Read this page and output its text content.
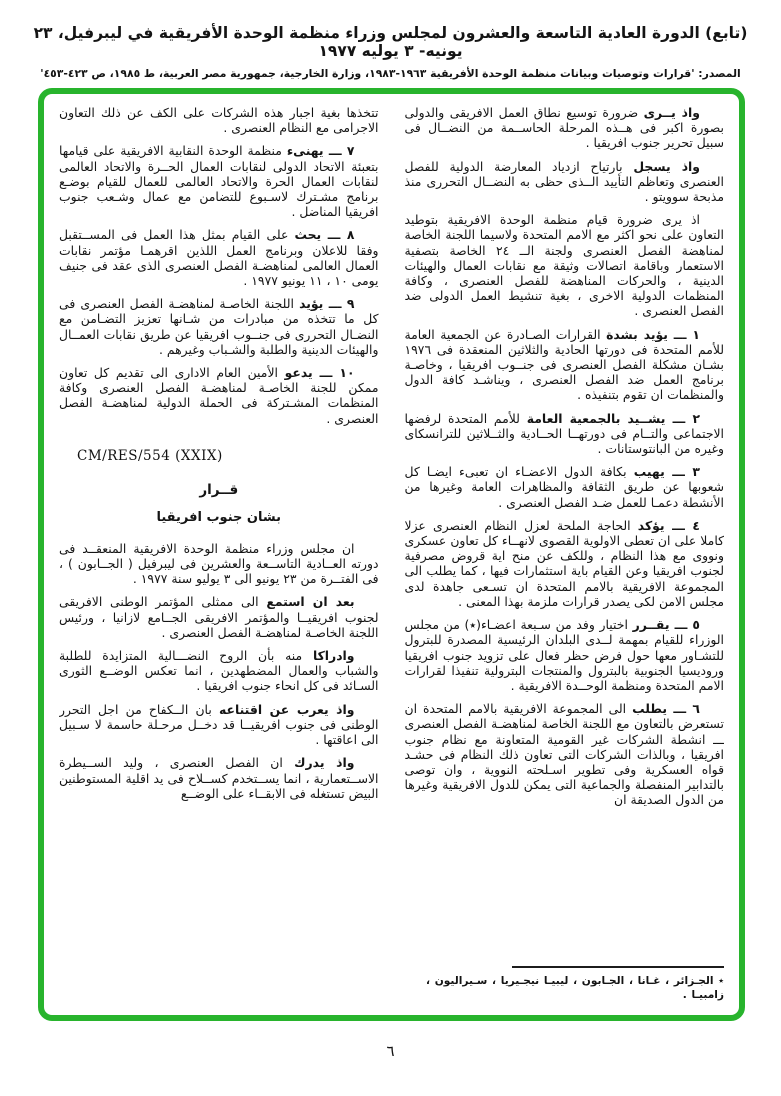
(تابع) الدورة العادية التاسعة والعشرون لمجلس وزراء منظمة الوحدة الأفريقية في ليبرفيل، ٢٣ يونيه- ٣ يوليه ١٩٧٧
المصدر: 'قرارات وتوصيات وبيانات منظمة الوحدة الأفريقية ١٩٦٣-١٩٨٣، وزارة الخارجية، جمهورية مصر العربية، ط ١٩٨٥، ص ٤٢٣-٤٥٣'

واذ يــرى ضرورة توسيع نطاق العمل الافريقى والدولى بصورة اكبر فى هــذه المرحلة الحاســمة من النضــال فى سبيل تحرير جنوب افريقيا .

واذ يسجل بارتياح ازدياد المعارضة الدولية للفصل العنصرى وتعاظم التأييد الــذى حظى به النضــال التحررى منذ مذبحة سوويتو .

اذ يرى ضرورة قيام منظمة الوحدة الافريقية بتوطيد التعاون على نحو اكثر مع الامم المتحدة ولاسيما اللجنة الخاصة لمناهضة الفصل العنصرى ولجنة الــ ٢٤ الخاصة بتصفية الاستعمار وباقامة اتصالات وثيقة مع نقابات العمال والهيئات الدينية ، والحركات المناهضة للفصل العنصرى ، وكافة المنظمات الدولية الاخرى ، بغية تنشيط العمل الدولى ضد الفصل العنصرى .

١ ـــ يؤيد بشدة القرارات الصـادرة عن الجمعية العامة للأمم المتحدة فى دورتها الحادية والثلاثين المنعقدة فى ١٩٧٦ بشـان مشكلة الفصل العنصرى فى جنــوب افريقيا ، وخاصـة برنامج العمل ضد الفصل العنصرى ، ويناشـد كافة الدول والمنظمات ان تقوم بتنفيذه .

٢ ـــ يشــيد بالجمعية العامة للأمم المتحدة لرفضها الاجتماعى والتــام فى دورتهــا الحــادية والثــلاثين للترانسكاى وغيره من البانتوستانات .

٣ ـــ يهيب بكافة الدول الاعضـاء ان تعبىء ايضـا كل شعوبها عن طريق الثقافة والمظاهرات العامة وغيرها من الأنشطة دعمـا للعمل ضـد الفصل العنصرى .

٤ ـــ يؤكد الحاجة الملحة لعزل النظام العنصرى عزلا كاملا على ان تعطى الاولوية القصوى لانهــاء كل تعاون عسكرى ونووى مع هذا النظام ، وللكف عن منح اية قروض مصرفية لجنوب افريقيا وعن القيام باية استثمارات فيها ، كما يطلب الى المجموعة الافريقية بالامم المتحدة ان تسـعى جاهدة لدى مجلس الامن لكى يصدر قرارات ملزمة بهذا المعنى .

٥ ـــ يقــرر اختيار وفد من سـبعة اعضـاء(٭) من مجلس الوزراء للقيام بمهمة لــدى البلدان الرئيسية المصدرة للبترول للتشـاور معها حول فرض حظر فعال على تزويد جنوب افريقيا وروديسيا الجنوبية بالبترول والمنتجات البترولية تنفيذا لقرارات الامم المتحدة ومنظمة الوحــدة الافريقية .

٦ ـــ يطلب الى المجموعة الافريقية بالامم المتحدة ان تستعرض بالتعاون مع اللجنة الخاصة لمناهضـة الفصل العنصرى ـــ انشطة الشركات غير القومية المتعاونة مع نظام جنوب افريقيا ، وبالذات الشركات التى تعاون ذلك النظام فى حشـد قواه العسكرية وفى تطوير اسـلحته النووية ، وان توصى بالتدابير المنفصلة والجماعية التى يمكن للدول الافريقية وغيرها من الدول الصديقة ان

٭ الجـزائر ، غـانا ، الجـابون ، ليبيـا نيجـيريا ، سـيراليون ، زامبيـا .

تتخذها بغية اجبار هذه الشركات على الكف عن ذلك التعاون الاجرامى مع النظام العنصرى .

٧ ـــ يهنىء منظمة الوحدة النقابية الافريقية على قيامها بتعبئة الاتحاد الدولى لنقابات العمال الحــرة والاتحاد العالمى لنقابات العمال الحرة والاتحاد العالمى للعمال للقيام بوضـع برنامج مشـترك لاسـبوع للتضامن مع عمال وشـعب جنوب افريقيا المناضل .

٨ ـــ يحث على القيام بمثل هذا العمل فى المســتقبل وفقا للاعلان وبرنامج العمل اللذين اقرهمـا مؤتمر نقابات العمال العالمى لمناهضـة الفصل العنصرى الذى عقد فى جنيف يومى ١٠ ، ١١ يونيو ١٩٧٧ .

٩ ـــ يؤيد اللجنة الخاصـة لمناهضـة الفصل العنصرى فى كل ما تتخذه من مبادرات من شـانها تعزيز التضـامن مع النضـال التحررى فى جنــوب افريقيا عن طريق نقابات العمــال والهيئات الدينية والطلبة والشـباب وغيرهم .

١٠ ـــ يدعو الأمين العام الادارى الى تقديم كل تعاون ممكن للجنة الخاصـة لمناهضـة الفصل العنصرى وكافة المنظمات المشـتركة فى الحملة الدولية لمناهضـة الفصل العنصرى .

CM/RES/554 (XXIX)
قــرار
بشان جنوب افريقيا

ان مجلس وزراء منظمة الوحدة الافريقية المنعقــد فى دورته العــادية التاســعة والعشرين فى ليبرفيل ( الجــابون ) ، فى الفتــرة من ٢٣ يونيو الى ٣ يوليو سنة ١٩٧٧ .

بعد ان استمع الى ممثلى المؤتمر الوطنى الافريقى لجنوب افريقيــا والمؤتمر الافريقى الجــامع لازانيا ، ورئيس اللجنة الخاصـة لمناهضـة الفصل العنصرى .

وادراكا منه بأن الروح النضـــالية المتزايدة للطلبة والشباب والعمال المضطهدين ، انما تعكس الوضــع الثورى السـائد فى كل انحاء جنوب افريقيا .

واذ يعرب عن اقتناعه بان الــكفاح من اجل التحرر الوطنى فى جنوب افريقيــا قد دخــل مرحـلة حاسمة لا سـبيل الى اعاقتها .

واذ يدرك ان الفصل العنصرى ، وليد الســيطرة الاســتعمارية ، انما يســتخدم كســلاح فى يد اقلية المستوطنين البيض تستغله فى الابقــاء على الوضــع

٦
